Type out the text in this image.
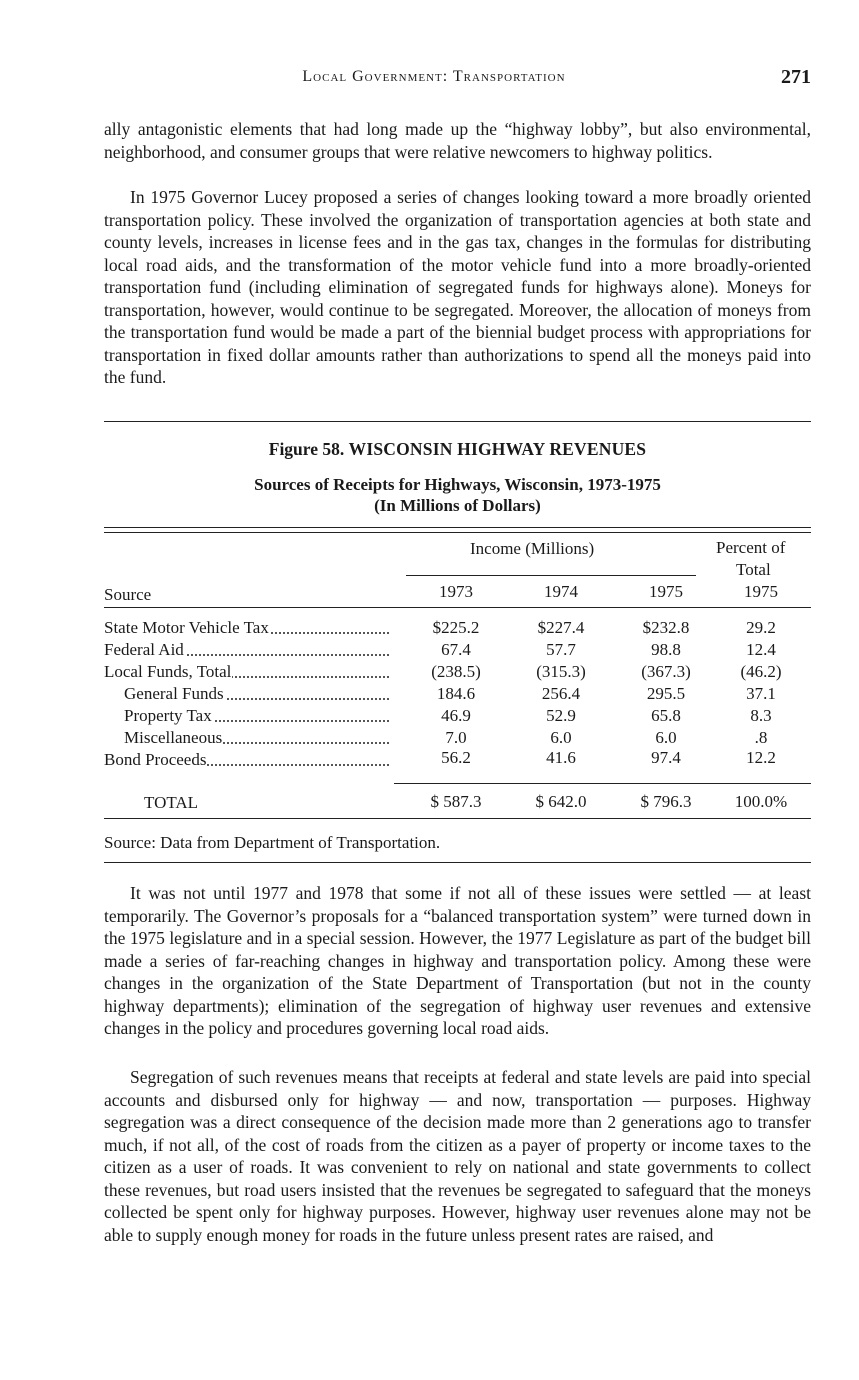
Local Government: Transportation	271

ally antagonistic elements that had long made up the “highway lobby”, but also environmental, neighborhood, and consumer groups that were relative newcomers to highway politics.

In 1975 Governor Lucey proposed a series of changes looking toward a more broadly oriented transportation policy. These involved the organization of transportation agencies at both state and county levels, increases in license fees and in the gas tax, changes in the formulas for distributing local road aids, and the transformation of the motor vehicle fund into a more broadly-oriented transportation fund (including elimination of segregated funds for highways alone). Moneys for transportation, however, would continue to be segregated. Moreover, the allocation of moneys from the transportation fund would be made a part of the biennial budget process with appropriations for transportation in fixed dollar amounts rather than authorizations to spend all the moneys paid into the fund.

Figure 58. WISCONSIN HIGHWAY REVENUES
Sources of Receipts for Highways, Wisconsin, 1973-1975
(In Millions of Dollars)
Income (Millions)	Percent of
Total
Source	1973	1974	1975	1975
State Motor Vehicle Tax	$225.2	$227.4	$232.8	29.2
Federal Aid	67.4	57.7	98.8	12.4
Local Funds, Total	(238.5)	(315.3)	(367.3)	(46.2)
General Funds	184.6	256.4	295.5	37.1
Property Tax	46.9	52.9	65.8	8.3
Miscellaneous	7.0	6.0	6.0	.8
Bond Proceeds	56.2	41.6	97.4	12.2
TOTAL	$ 587.3	$ 642.0	$ 796.3	100.0%
Source: Data from Department of Transportation.

It was not until 1977 and 1978 that some if not all of these issues were settled — at least temporarily. The Governor’s proposals for a “balanced transportation system” were turned down in the 1975 legislature and in a special session. However, the 1977 Legislature as part of the budget bill made a series of far-reaching changes in highway and transportation policy. Among these were changes in the organization of the State Department of Transportation (but not in the county highway departments); elimination of the segregation of highway user revenues and extensive changes in the policy and procedures governing local road aids.

Segregation of such revenues means that receipts at federal and state levels are paid into special accounts and disbursed only for highway — and now, transportation — purposes. Highway segregation was a direct consequence of the decision made more than 2 generations ago to transfer much, if not all, of the cost of roads from the citizen as a payer of property or income taxes to the citizen as a user of roads. It was convenient to rely on national and state governments to collect these revenues, but road users insisted that the revenues be segregated to safeguard that the moneys collected be spent only for highway purposes. However, highway user revenues alone may not be able to supply enough money for roads in the future unless present rates are raised, and
